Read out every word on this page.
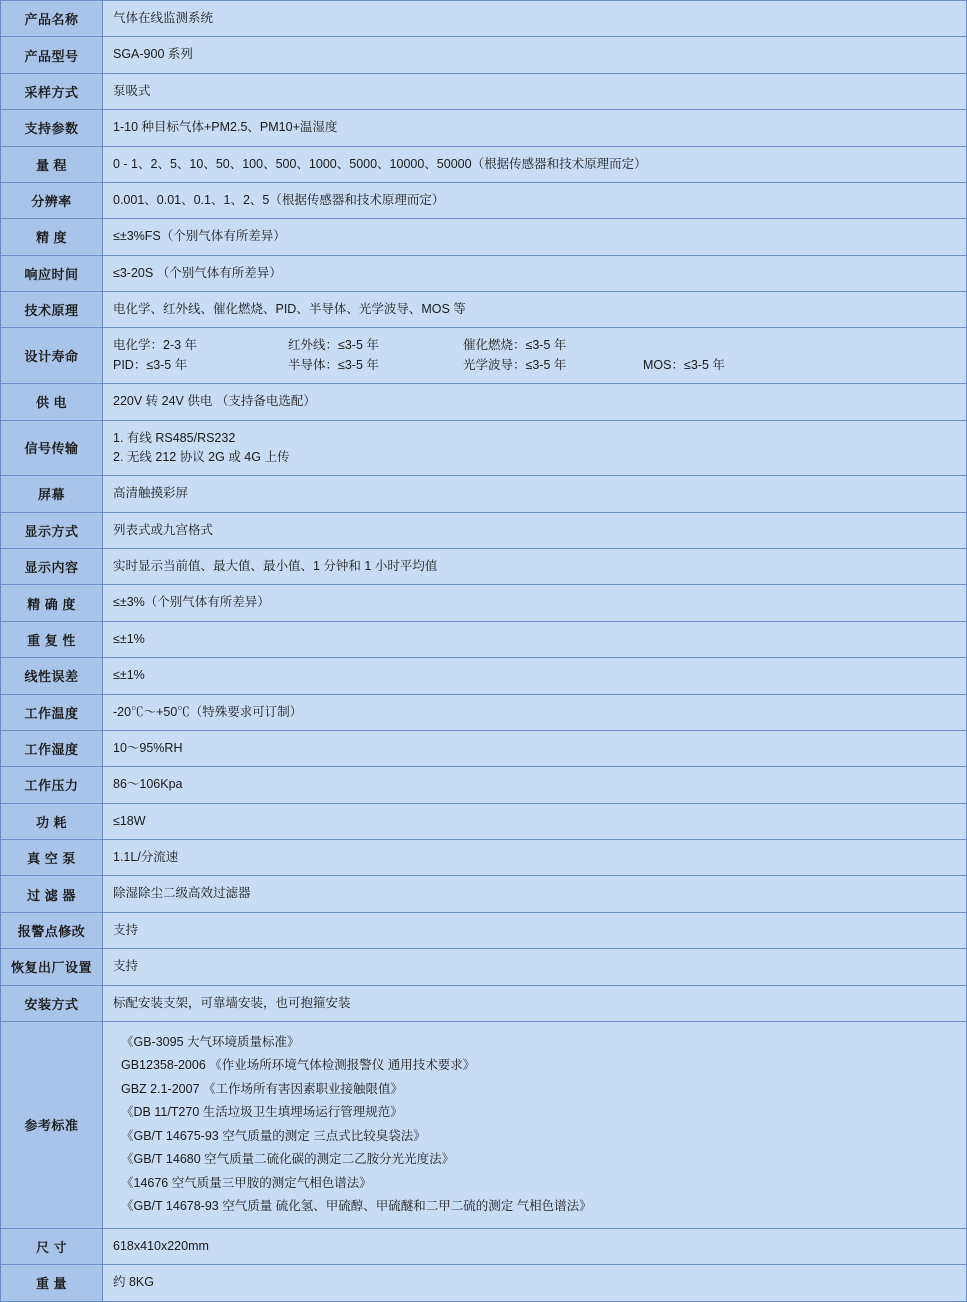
产品名称	气体在线监测系统
产品型号	SGA-900 系列
采样方式	泵吸式
支持参数	1-10 种目标气体+PM2.5、PM10+温湿度
量 程	0 - 1、2、5、10、50、100、500、1000、5000、10000、50000（根据传感器和技术原理而定）
分辨率	0.001、0.01、0.1、1、2、5（根据传感器和技术原理而定）
精 度	≤±3%FS（个别气体有所差异）
响应时间	≤3-20S （个别气体有所差异）
技术原理	电化学、红外线、催化燃烧、PID、半导体、光学波导、MOS 等
设计寿命	电化学：2-3 年 红外线：≤3-5 年 催化燃烧：≤3-5 年
PID：≤3-5 年 半导体：≤3-5 年 光学波导：≤3-5 年 MOS：≤3-5 年

供 电	220V 转 24V 供电 （支持备电选配）
信号传输	1. 有线 RS485/RS232
2. 无线 212 协议 2G 或 4G 上传

屏幕	高清触摸彩屏
显示方式	列表式或九宫格式
显示内容	实时显示当前值、最大值、最小值、1 分钟和 1 小时平均值
精 确 度	≤±3%（个别气体有所差异）
重 复 性	≤±1%
线性误差	≤±1%
工作温度	-20℃～+50℃（特殊要求可订制）
工作湿度	10～95%RH
工作压力	86～106Kpa
功 耗	≤18W
真 空 泵	1.1L/分流速
过 滤 器	除湿除尘二级高效过滤器
报警点修改	支持
恢复出厂设置	支持
安装方式	标配安装支架，可靠墙安装，也可抱箍安装
参考标准	
《GB-3095 大气环境质量标准》
GB12358-2006 《作业场所环境气体检测报警仪 通用技术要求》
GBZ 2.1-2007 《工作场所有害因素职业接触限值》
《DB 11/T270 生活垃圾卫生填埋场运行管理规范》
《GB/T 14675-93 空气质量的测定 三点式比较臭袋法》
《GB/T 14680 空气质量二硫化碳的测定二乙胺分光光度法》
《14676 空气质量三甲胺的测定气相色谱法》
《GB/T 14678-93 空气质量 硫化氢、甲硫醇、甲硫醚和二甲二硫的测定 气相色谱法》

尺 寸	618x410x220mm
重 量	约 8KG
